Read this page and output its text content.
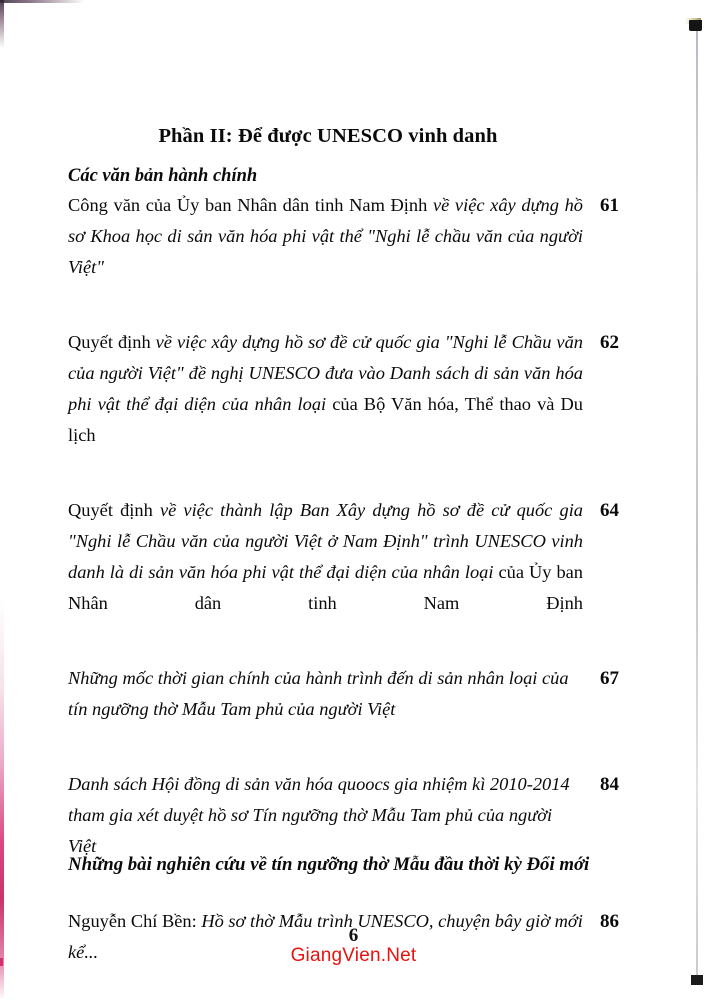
Phần II: Để được UNESCO vinh danh
Các văn bản hành chính
Công văn của Ủy ban Nhân dân tinh Nam Định về việc xây dựng hồ sơ Khoa học di sản văn hóa phi vật thể "Nghi lễ chầu văn của người Việt"
61
Quyết định về việc xây dựng hồ sơ đề cử quốc gia "Nghi lễ Chầu văn của người Việt" đề nghị UNESCO đưa vào Danh sách di sản văn hóa phi vật thể đại diện của nhân loại của Bộ Văn hóa, Thể thao và Du lịch
62
Quyết định về việc thành lập Ban Xây dựng hồ sơ đề cử quốc gia "Nghi lễ Chầu văn của người Việt ở Nam Định" trình UNESCO vinh danh là di sản văn hóa phi vật thể đại diện của nhân loại của Ủy ban Nhân dân tinh Nam Định
64
Những mốc thời gian chính của hành trình đến di sản nhân loại của tín ngưỡng thờ Mẫu Tam phủ của người Việt
67
Danh sách Hội đồng di sản văn hóa quoocs gia nhiệm kì 2010-2014 tham gia xét duyệt hồ sơ Tín ngưỡng thờ Mẫu Tam phủ của người Việt
84
Nguyễn Chí Bền: Hồ sơ thờ Mẫu trình UNESCO, chuyện bây giờ mới kể...
86
Những bài nghiên cứu về tín ngưỡng thờ Mẫu đầu thời kỳ Đổi mới
6
GiangVien.Net
